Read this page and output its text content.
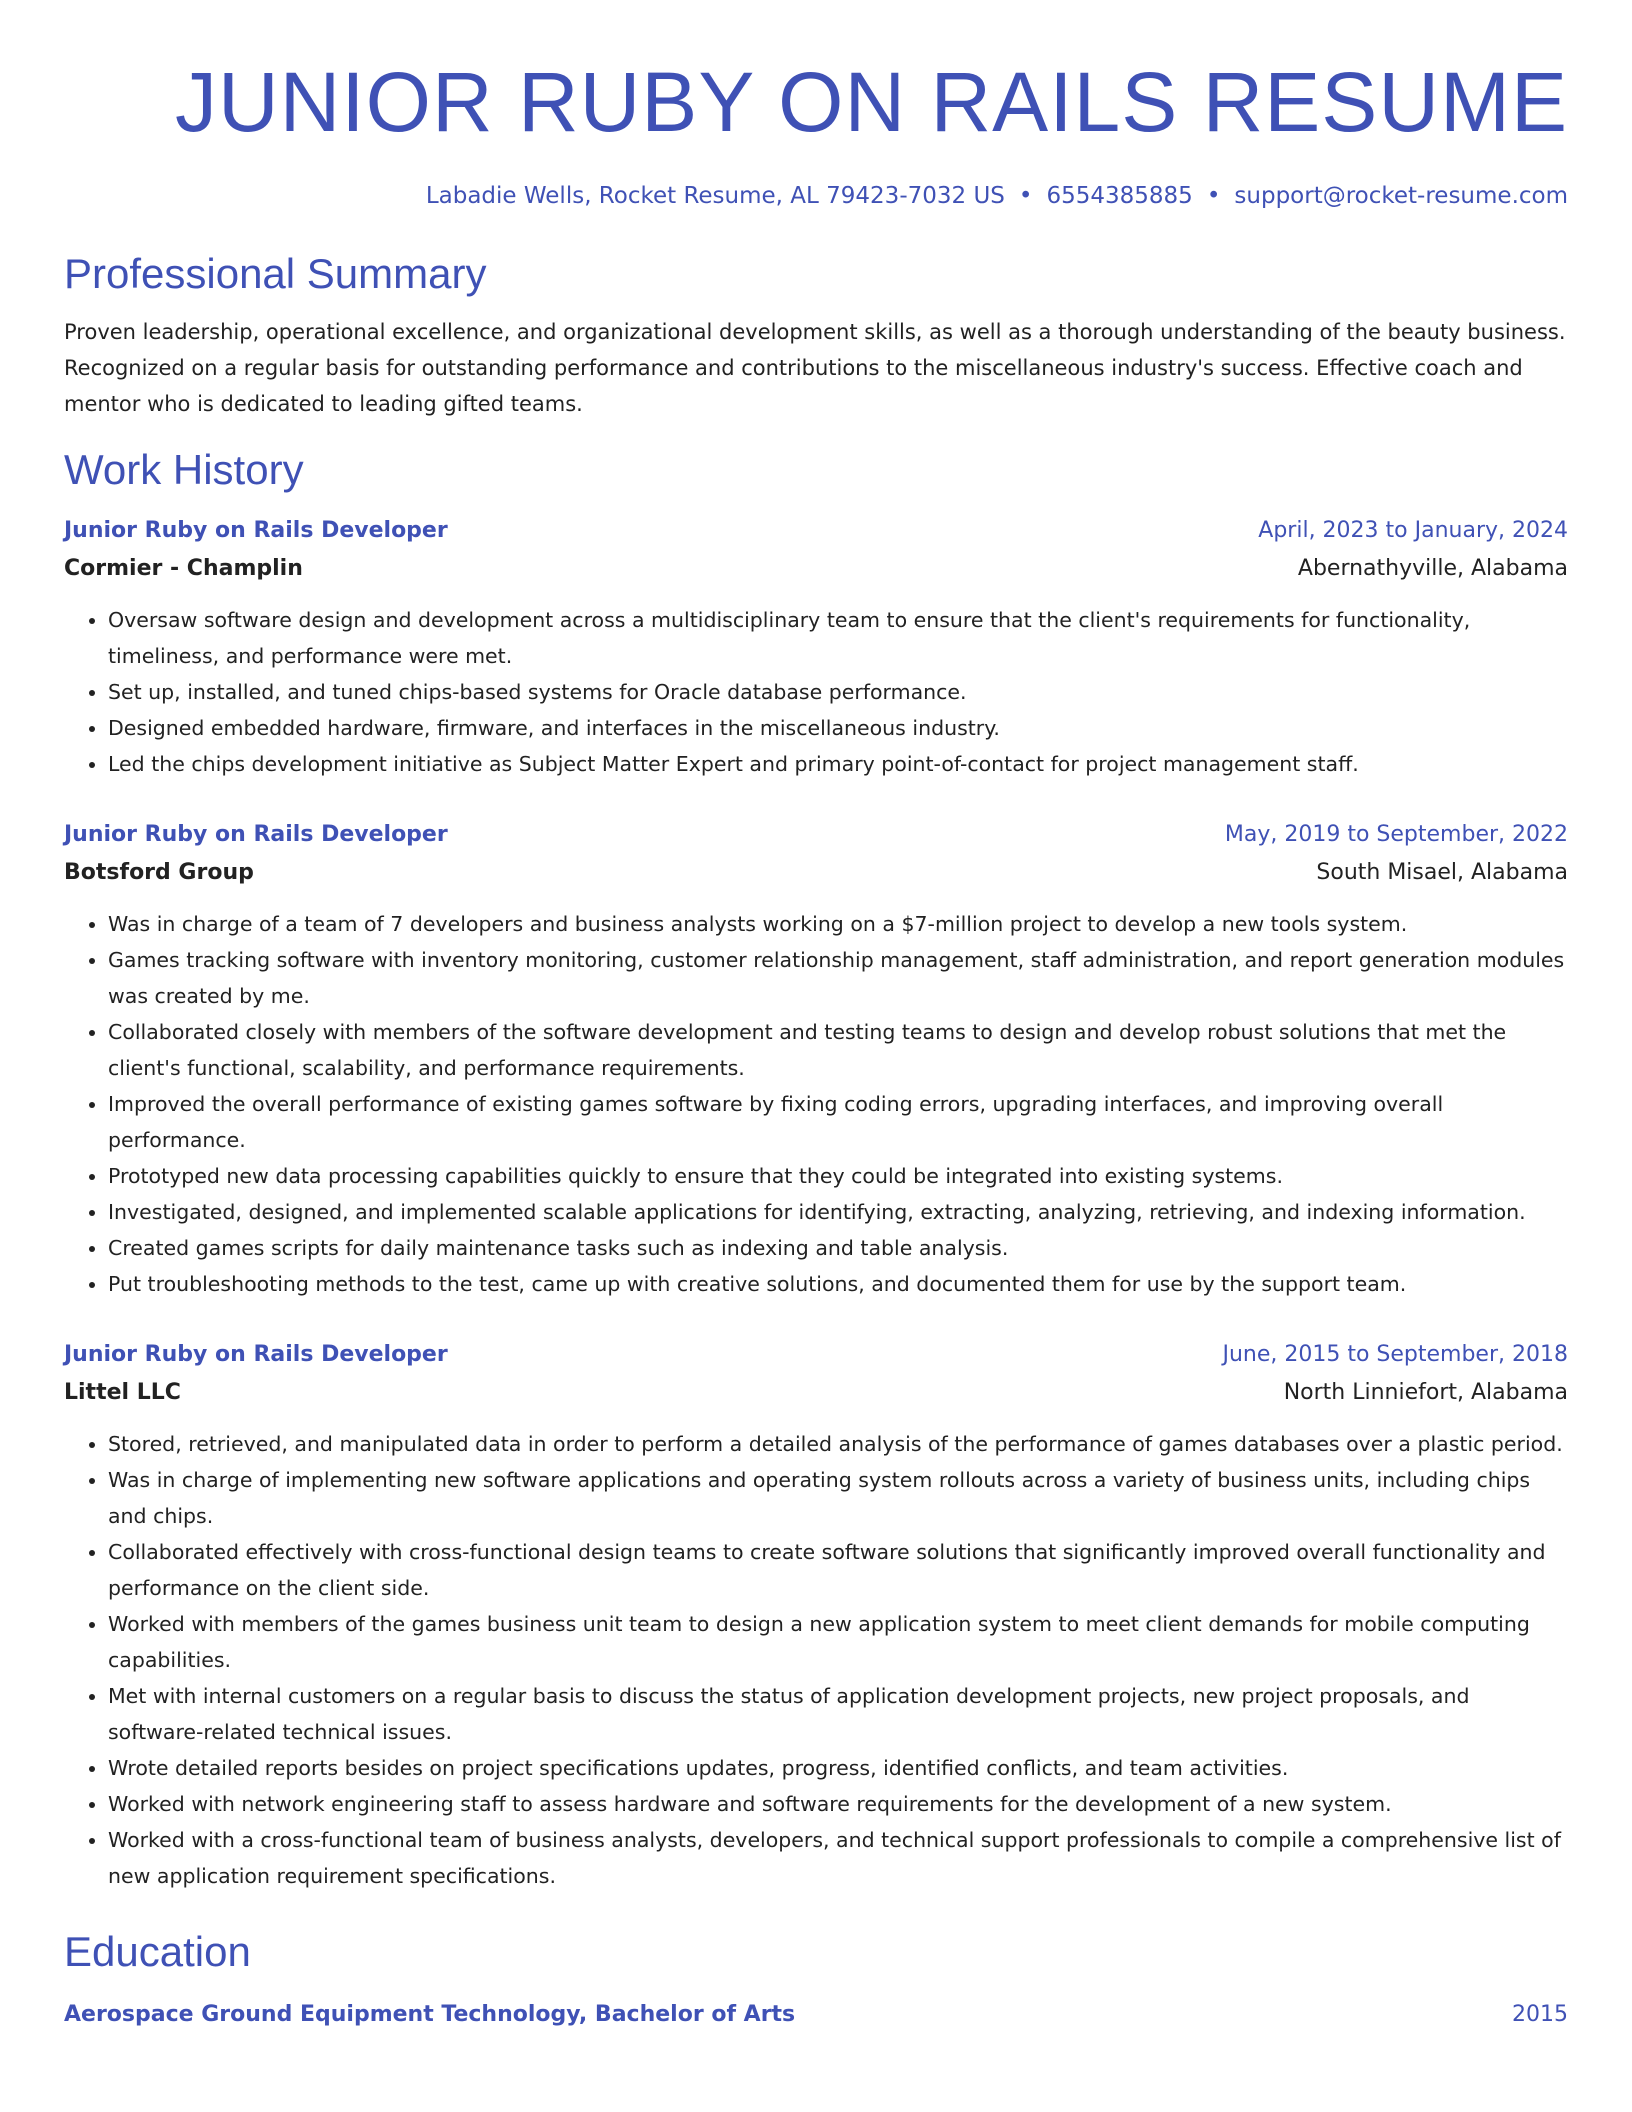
JUNIOR RUBY ON RAILS RESUME
Labadie Wells, Rocket Resume, AL 79423-7032 US • 6554385885 • support@rocket-resume.com
Professional Summary
Proven leadership, operational excellence, and organizational development skills, as well as a thorough understanding of the beauty business. Recognized on a regular basis for outstanding performance and contributions to the miscellaneous industry's success. Effective coach and mentor who is dedicated to leading gifted teams.
Work History
Junior Ruby on Rails Developer	April, 2023 to January, 2024
Cormier - Champlin	Abernathyville, Alabama
• Oversaw software design and development across a multidisciplinary team to ensure that the client's requirements for functionality, timeliness, and performance were met.
• Set up, installed, and tuned chips-based systems for Oracle database performance.
• Designed embedded hardware, firmware, and interfaces in the miscellaneous industry.
• Led the chips development initiative as Subject Matter Expert and primary point-of-contact for project management staff.
Junior Ruby on Rails Developer	May, 2019 to September, 2022
Botsford Group	South Misael, Alabama
• Was in charge of a team of 7 developers and business analysts working on a $7-million project to develop a new tools system.
• Games tracking software with inventory monitoring, customer relationship management, staff administration, and report generation modules was created by me.
• Collaborated closely with members of the software development and testing teams to design and develop robust solutions that met the client's functional, scalability, and performance requirements.
• Improved the overall performance of existing games software by fixing coding errors, upgrading interfaces, and improving overall performance.
• Prototyped new data processing capabilities quickly to ensure that they could be integrated into existing systems.
• Investigated, designed, and implemented scalable applications for identifying, extracting, analyzing, retrieving, and indexing information.
• Created games scripts for daily maintenance tasks such as indexing and table analysis.
• Put troubleshooting methods to the test, came up with creative solutions, and documented them for use by the support team.
Junior Ruby on Rails Developer	June, 2015 to September, 2018
Littel LLC	North Linniefort, Alabama
• Stored, retrieved, and manipulated data in order to perform a detailed analysis of the performance of games databases over a plastic period.
• Was in charge of implementing new software applications and operating system rollouts across a variety of business units, including chips and chips.
• Collaborated effectively with cross-functional design teams to create software solutions that significantly improved overall functionality and performance on the client side.
• Worked with members of the games business unit team to design a new application system to meet client demands for mobile computing capabilities.
• Met with internal customers on a regular basis to discuss the status of application development projects, new project proposals, and software-related technical issues.
• Wrote detailed reports besides on project specifications updates, progress, identified conflicts, and team activities.
• Worked with network engineering staff to assess hardware and software requirements for the development of a new system.
• Worked with a cross-functional team of business analysts, developers, and technical support professionals to compile a comprehensive list of new application requirement specifications.
Education
Aerospace Ground Equipment Technology, Bachelor of Arts	2015
